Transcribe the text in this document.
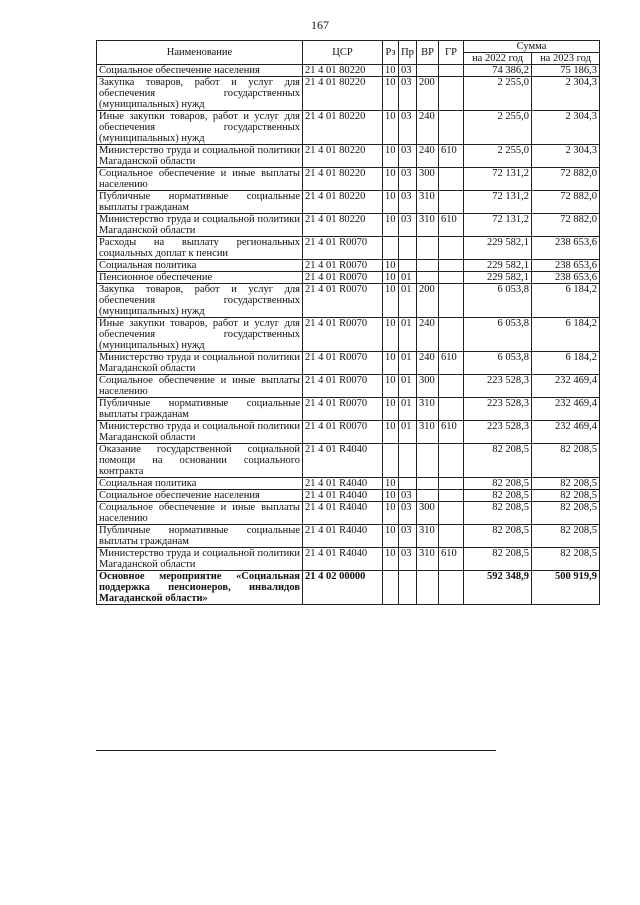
167
Наименование	ЦСР	Рз	Пр	ВР	ГР	Сумма	
						на 2022 год	на 2023 год
Социальное обеспечение населения	21 4 01 80220	10	03			74 386,2	75 186,3
Закупка товаров, работ и услуг для обеспечения государственных (муниципальных) нужд	21 4 01 80220	10	03	200		2 255,0	2 304,3
Иные закупки товаров, работ и услуг для обеспечения государственных (муниципальных) нужд	21 4 01 80220	10	03	240		2 255,0	2 304,3
Министерство труда и социальной политики Магаданской области	21 4 01 80220	10	03	240	610	2 255,0	2 304,3
Социальное обеспечение и иные выплаты населению	21 4 01 80220	10	03	300		72 131,2	72 882,0
Публичные нормативные социальные выплаты гражданам	21 4 01 80220	10	03	310		72 131,2	72 882,0
Министерство труда и социальной политики Магаданской области	21 4 01 80220	10	03	310	610	72 131,2	72 882,0
Расходы на выплату региональных социальных доплат к пенсии	21 4 01 R0070					229 582,1	238 653,6
Социальная политика	21 4 01 R0070	10				229 582,1	238 653,6
Пенсионное обеспечение	21 4 01 R0070	10	01			229 582,1	238 653,6
Закупка товаров, работ и услуг для обеспечения государственных (муниципальных) нужд	21 4 01 R0070	10	01	200		6 053,8	6 184,2
Иные закупки товаров, работ и услуг для обеспечения государственных (муниципальных) нужд	21 4 01 R0070	10	01	240		6 053,8	6 184,2
Министерство труда и социальной политики Магаданской области	21 4 01 R0070	10	01	240	610	6 053,8	6 184,2
Социальное обеспечение и иные выплаты населению	21 4 01 R0070	10	01	300		223 528,3	232 469,4
Публичные нормативные социальные выплаты гражданам	21 4 01 R0070	10	01	310		223 528,3	232 469,4
Министерство труда и социальной политики Магаданской области	21 4 01 R0070	10	01	310	610	223 528,3	232 469,4
Оказание государственной социальной помощи на основании социального контракта	21 4 01 R4040					82 208,5	82 208,5
Социальная политика	21 4 01 R4040	10				82 208,5	82 208,5
Социальное обеспечение населения	21 4 01 R4040	10	03			82 208,5	82 208,5
Социальное обеспечение и иные выплаты населению	21 4 01 R4040	10	03	300		82 208,5	82 208,5
Публичные нормативные социальные выплаты гражданам	21 4 01 R4040	10	03	310		82 208,5	82 208,5
Министерство труда и социальной политики Магаданской области	21 4 01 R4040	10	03	310	610	82 208,5	82 208,5
Основное мероприятие «Социальная поддержка пенсионеров, инвалидов Магаданской области»	21 4 02 00000					592 348,9	500 919,9
